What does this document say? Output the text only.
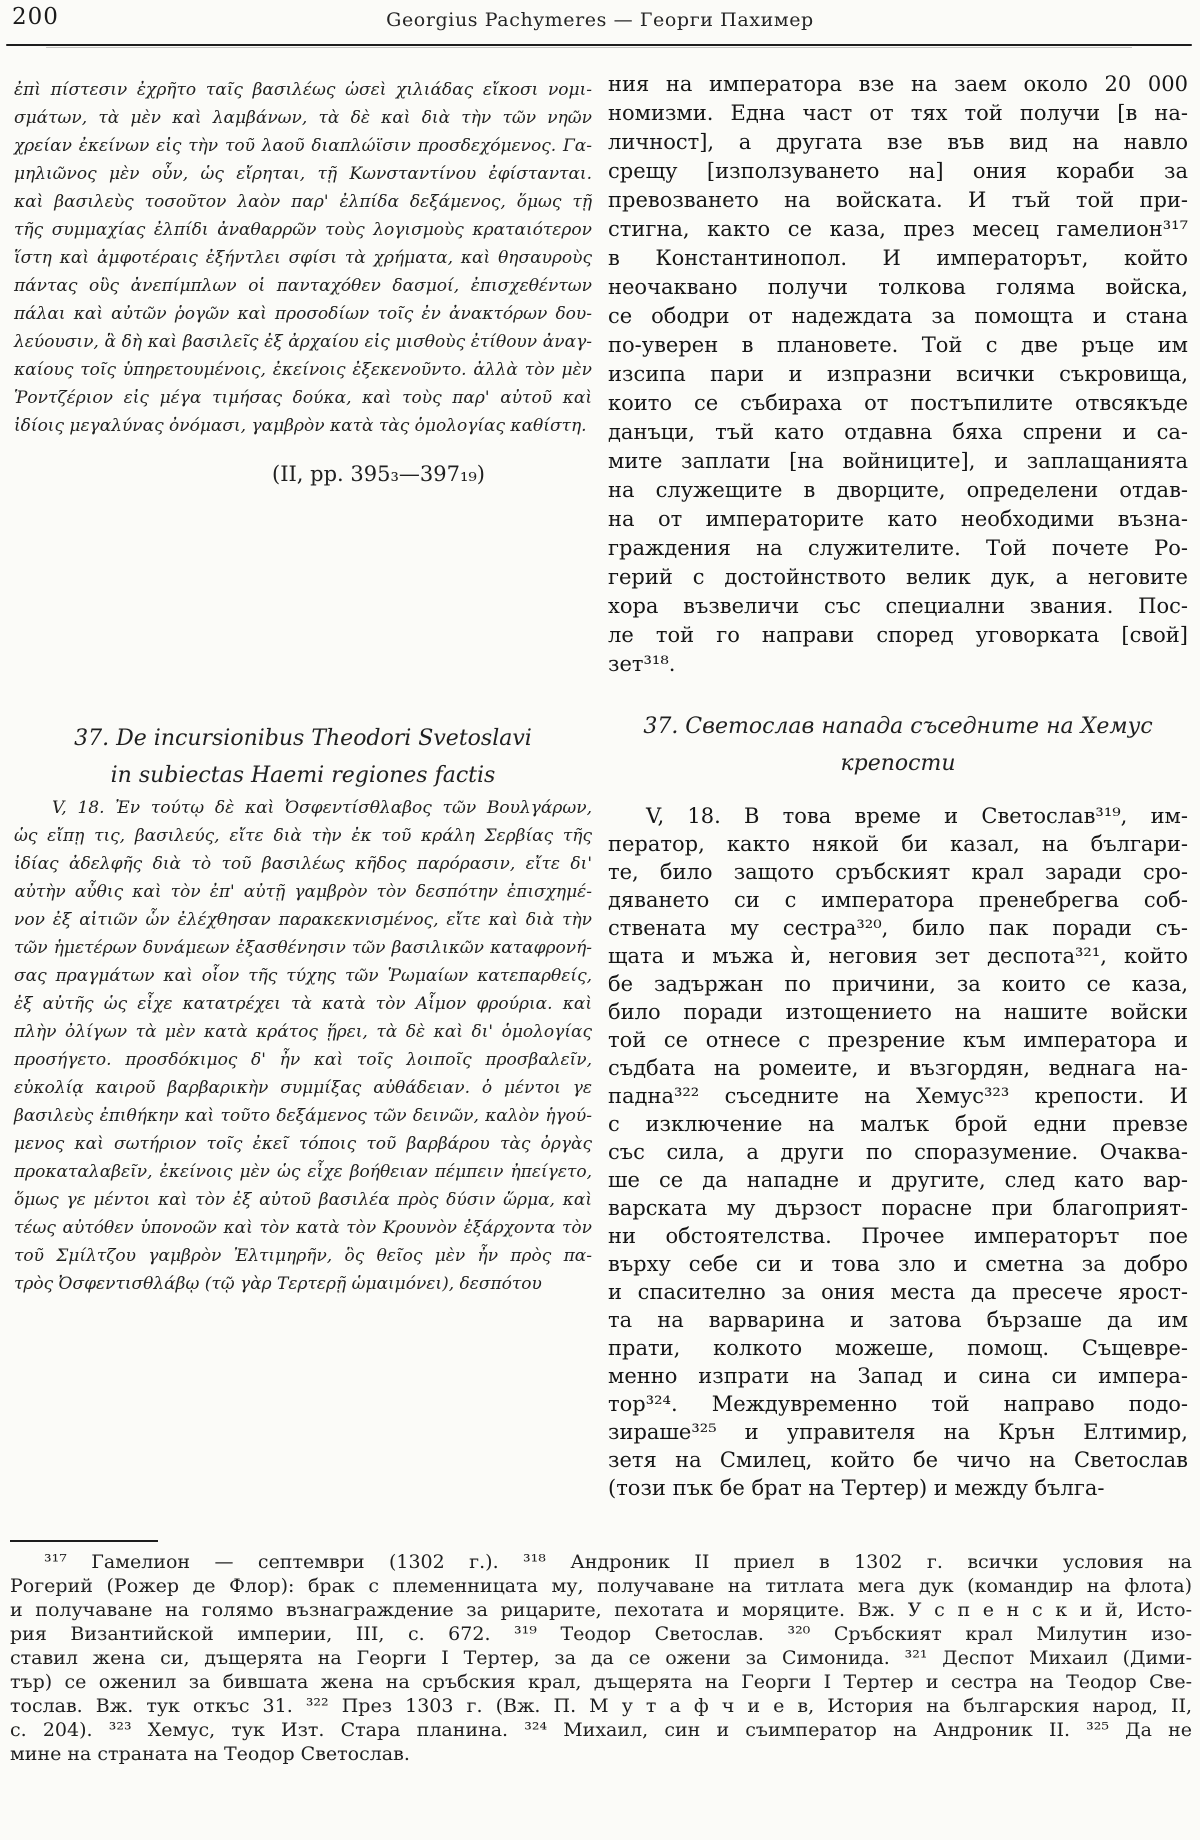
200	Georgius Pachymeres — Георги Пахимер
ἐπὶ πίστεσιν ἐχρῆτο ταῖς βασιλέως ὡσεὶ χιλιάδας εἴκοσι νομι-
σμάτων, τὰ μὲν καὶ λαμβάνων, τὰ δὲ καὶ διὰ τὴν τῶν νηῶν
χρείαν ἐκείνων εἰς τὴν τοῦ λαοῦ διαπλώϊσιν προσδεχόμενος. Γα-
μηλιῶνος μὲν οὖν, ὡς εἴρηται, τῇ Κωνσταντίνου ἐφίστανται.
καὶ βασιλεὺς τοσοῦτον λαὸν παρ' ἐλπίδα δεξάμενος, ὅμως τῇ
τῆς συμμαχίας ἐλπίδι ἀναθαρρῶν τοὺς λογισμοὺς κραταιότερον
ἵστη καὶ ἀμφοτέραις ἐξήντλει σφίσι τὰ χρήματα, καὶ θησαυροὺς
πάντας οὓς ἀνεπίμπλων οἱ πανταχόθεν δασμοί, ἐπισχεθέντων
πάλαι καὶ αὐτῶν ῥογῶν καὶ προσοδίων τοῖς ἐν ἀνακτόρων δου-
λεύουσιν, ἃ δὴ καὶ βασιλεῖς ἐξ ἀρχαίου εἰς μισθοὺς ἐτίθουν ἀναγ-
καίους τοῖς ὑπηρετουμένοις, ἐκείνοις ἐξεκενοῦντο. ἀλλὰ τὸν μὲν
Ῥοντζέριον εἰς μέγα τιμήσας δούκα, καὶ τοὺς παρ' αὐτοῦ καὶ
ἰδίοις μεγαλύνας ὀνόμασι, γαμβρὸν κατὰ τὰς ὁμολογίας καθίστη.
(II, pp. 395₃—397₁₉)
37. De incursionibus Theodori Svetoslavi
in subiectas Haemi regiones factis
V, 18. Ἐν τούτῳ δὲ καὶ Ὀσφεντίσθλαβος τῶν Βουλγάρων,
ὡς εἴπῃ τις, βασιλεύς, εἴτε διὰ τὴν ἐκ τοῦ κράλη Σερβίας τῆς
ἰδίας ἀδελφῆς διὰ τὸ τοῦ βασιλέως κῆδος παρόρασιν, εἴτε δι'
αὐτὴν αὖθις καὶ τὸν ἐπ' αὐτῇ γαμβρὸν τὸν δεσπότην ἐπισχημέ-
νον ἐξ αἰτιῶν ὧν ἐλέχθησαν παρακεκνισμένος, εἴτε καὶ διὰ τὴν
τῶν ἡμετέρων δυνάμεων ἐξασθένησιν τῶν βασιλικῶν καταφρονή-
σας πραγμάτων καὶ οἷον τῆς τύχης τῶν Ῥωμαίων κατεπαρθείς,
ἐξ αὐτῆς ὡς εἶχε κατατρέχει τὰ κατὰ τὸν Αἷμον φρούρια. καὶ
πλὴν ὀλίγων τὰ μὲν κατὰ κράτος ᾕρει, τὰ δὲ καὶ δι' ὁμολογίας
προσήγετο. προσδόκιμος δ' ἦν καὶ τοῖς λοιποῖς προσβαλεῖν,
εὐκολίᾳ καιροῦ βαρβαρικὴν συμμίξας αὐθάδειαν. ὁ μέντοι γε
βασιλεὺς ἐπιθήκην καὶ τοῦτο δεξάμενος τῶν δεινῶν, καλὸν ἡγού-
μενος καὶ σωτήριον τοῖς ἐκεῖ τόποις τοῦ βαρβάρου τὰς ὀργὰς
προκαταλαβεῖν, ἐκείνοις μὲν ὡς εἶχε βοήθειαν πέμπειν ἠπείγετο,
ὅμως γε μέντοι καὶ τὸν ἐξ αὐτοῦ βασιλέα πρὸς δύσιν ὥρμα, καὶ
τέως αὐτόθεν ὑπονοῶν καὶ τὸν κατὰ τὸν Κρουνὸν ἐξάρχοντα τὸν
τοῦ Σμίλτζου γαμβρὸν Ἐλτιμηρῆν, ὃς θεῖος μὲν ἦν πρὸς πα-
τρὸς Ὀσφεντισθλάβῳ (τῷ γὰρ Τερτερῇ ὡμαιμόνει), δεσπότου
ния на императора взе на заем около 20 000
номизми. Една част от тях той получи [в на-
личност], а другата взе във вид на навло
срещу [използуването на] ония кораби за
превозването на войската. И тъй той при-
стигна, както се каза, през месец гамелион³¹⁷
в Константинопол. И императорът, който
неочаквано получи толкова голяма войска,
се ободри от надеждата за помощта и стана
по-уверен в плановете. Той с две ръце им
изсипа пари и изпразни всички съкровища,
които се събираха от постъпилите отвсякъде
данъци, тъй като отдавна бяха спрени и са-
мите заплати [на войниците], и заплащанията
на служещите в дворците, определени отдав-
на от императорите като необходими възна-
граждения на служителите. Той почете Ро-
герий с достойнството велик дук, а неговите
хора възвеличи със специални звания. Пос-
ле той го направи според уговорката [свой]
зет³¹⁸.
37. Светослав напада съседните на Хемус
крепости
V, 18. В това време и Светослав³¹⁹, им-
ператор, както някой би казал, на българи-
те, било защото сръбският крал заради сро-
дяването си с императора пренебрегва соб-
ствената му сестра³²⁰, било пак поради съ-
щата и мъжа ѝ, неговия зет деспота³²¹, който
бе задържан по причини, за които се каза,
било поради изтощението на нашите войски
той се отнесе с презрение към императора и
съдбата на ромеите, и възгордян, веднага на-
падна³²² съседните на Хемус³²³ крепости. И
с изключение на малък брой едни превзе
със сила, а други по споразумение. Очаква-
ше се да нападне и другите, след като вар-
варската му дързост порасне при благоприят-
ни обстоятелства. Прочее императорът пое
върху себе си и това зло и сметна за добро
и спасително за ония места да пресече ярост-
та на варварина и затова бързаше да им
прати, колкото можеше, помощ. Същевре-
менно изпрати на Запад и сина си импера-
тор³²⁴. Междувременно той направо подо-
зираше³²⁵ и управителя на Крън Елтимир,
зетя на Смилец, който бе чичо на Светослав
(този пък бе брат на Тертер) и между бълга-
³¹⁷ Гамелион — септември (1302 г.). ³¹⁸ Андроник II приел в 1302 г. всички условия на
Рогерий (Рожер де Флор): брак с племенницата му, получаване на титлата мега дук (командир на флота)
и получаване на голямо възнаграждение за рицарите, пехотата и моряците. Вж. У с п е н с к и й, Исто-
рия Византийской империи, III, с. 672. ³¹⁹ Теодор Светослав. ³²⁰ Сръбският крал Милутин изо-
ставил жена си, дъщерята на Георги I Тертер, за да се ожени за Симонида. ³²¹ Деспот Михаил (Дими-
тър) се оженил за бившата жена на сръбския крал, дъщерята на Георги I Тертер и сестра на Теодор Све-
тослав. Вж. тук откъс 31. ³²² През 1303 г. (Вж. П. М у т а ф ч и е в, История на българския народ, II,
с. 204). ³²³ Хемус, тук Изт. Стара планина. ³²⁴ Михаил, син и съимператор на Андроник II. ³²⁵ Да не
мине на страната на Теодор Светослав.
